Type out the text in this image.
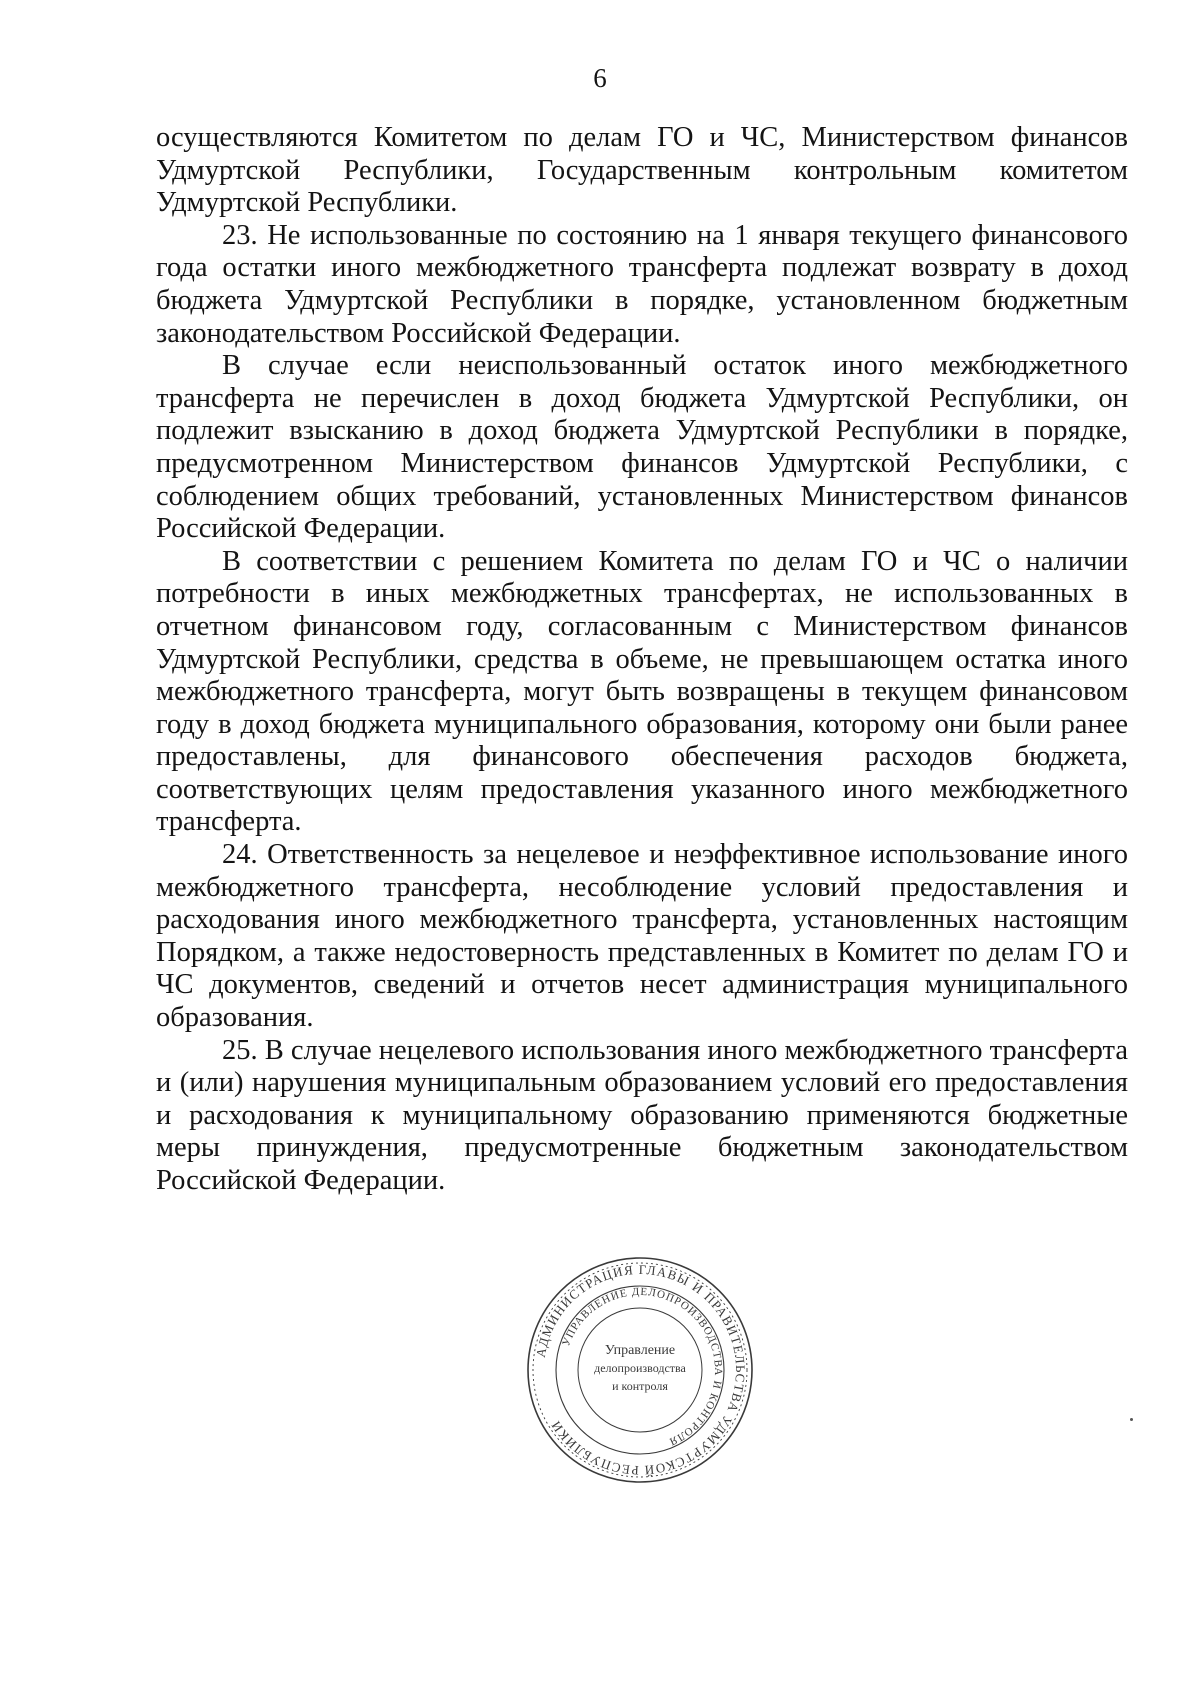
6

осуществляются Комитетом по делам ГО и ЧС, Министерством финансов Удмуртской Республики, Государственным контрольным комитетом Удмуртской Республики.

23. Не использованные по состоянию на 1 января текущего финансового года остатки иного межбюджетного трансферта подлежат возврату в доход бюджета Удмуртской Республики в порядке, установленном бюджетным законодательством Российской Федерации.

В случае если неиспользованный остаток иного межбюджетного трансферта не перечислен в доход бюджета Удмуртской Республики, он подлежит взысканию в доход бюджета Удмуртской Республики в порядке, предусмотренном Министерством финансов Удмуртской Республики, с соблюдением общих требований, установленных Министерством финансов Российской Федерации.

В соответствии с решением Комитета по делам ГО и ЧС о наличии потребности в иных межбюджетных трансфертах, не использованных в отчетном финансовом году, согласованным с Министерством финансов Удмуртской Республики, средства в объеме, не превышающем остатка иного межбюджетного трансферта, могут быть возвращены в текущем финансовом году в доход бюджета муниципального образования, которому они были ранее предоставлены, для финансового обеспечения расходов бюджета, соответствующих целям предоставления указанного иного межбюджетного трансферта.

24. Ответственность за нецелевое и неэффективное использование иного межбюджетного трансферта, несоблюдение условий предоставления и расходования иного межбюджетного трансферта, установленных настоящим Порядком, а также недостоверность представленных в Комитет по делам ГО и ЧС документов, сведений и отчетов несет администрация муниципального образования.

25. В случае нецелевого использования иного межбюджетного трансферта и (или) нарушения муниципальным образованием условий его предоставления и расходования к муниципальному образованию применяются бюджетные меры принуждения, предусмотренные бюджетным законодательством Российской Федерации.

АДМИНИСТРАЦИЯ ГЛАВЫ И ПРАВИТЕЛЬСТВА УДМУРТСКОЙ РЕСПУБЛИКИ
УПРАВЛЕНИЕ ДЕЛОПРОИЗВОДСТВА И КОНТРОЛЯ
Управление
делопроизводства
и контроля
